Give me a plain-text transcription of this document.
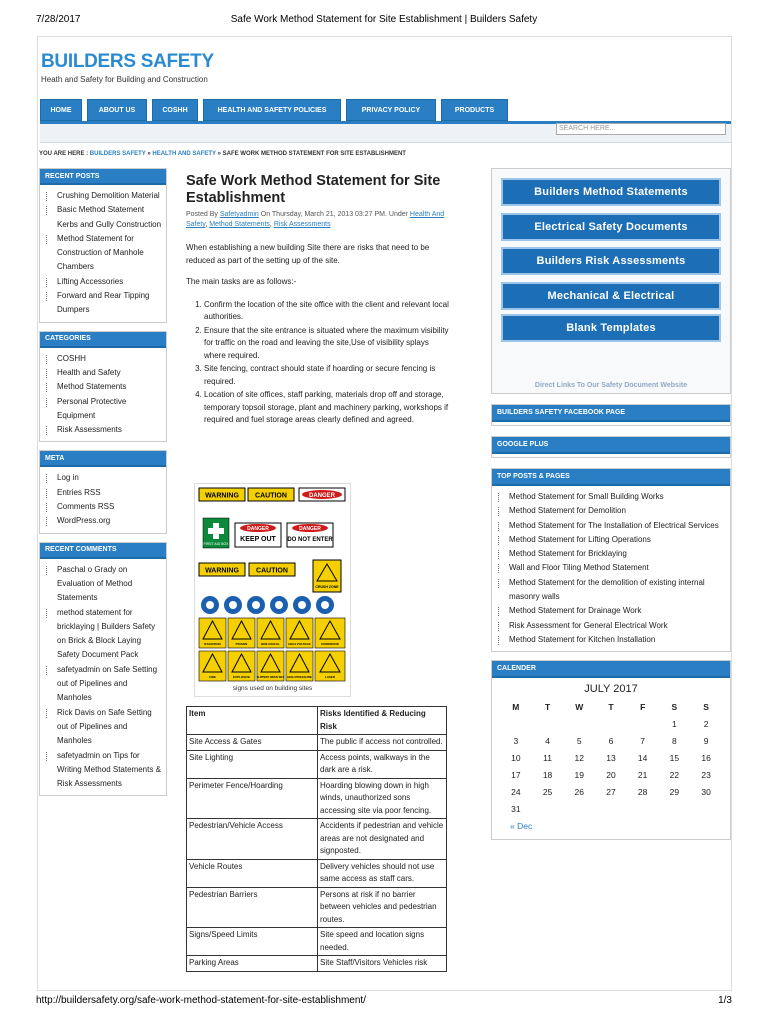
7/28/2017	Safe Work Method Statement for Site Establishment | Builders Safety
BUILDERS SAFETY
Heath and Safety for Building and Construction
HOME	ABOUT US	COSHH	HEALTH AND SAFETY POLICIES	PRIVACY POLICY	PRODUCTS
SEARCH HERE...
YOU ARE HERE : BUILDERS SAFETY » HEALTH AND SAFETY » SAFE WORK METHOD STATEMENT FOR SITE ESTABLISHMENT
RECENT POSTS
Crushing Demolition Material
Basic Method Statement Kerbs and Gully Construction
Method Statement for Construction of Manhole Chambers
Lifting Accessories
Forward and Rear Tipping Dumpers
CATEGORIES
COSHH
Health and Safety
Method Statements
Personal Protective Equipment
Risk Assessments
META
Log in
Entries RSS
Comments RSS
WordPress.org
RECENT COMMENTS
Paschal o Grady on Evaluation of Method Statements
method statement for bricklaying | Builders Safety on Brick & Block Laying Safety Document Pack
safetyadmin on Safe Setting out of Pipelines and Manholes
Rick Davis on Safe Setting out of Pipelines and Manholes
safetyadmin on Tips for Writing Method Statements & Risk Assessments
Safe Work Method Statement for Site Establishment
Posted By Safetyadmin On Thursday, March 21, 2013 03:27 PM. Under Health And Safety, Method Statements, Risk Assessments
When establishing a new building Site there are risks that need to be reduced as part of the setting up of the site.
The main tasks are as follows:-
1. Confirm the location of the site office with the client and relevant local authorities.
2. Ensure that the site entrance is situated where the maximum visibility for traffic on the road and leaving the site,Use of visibility splays where required.
3. Site fencing, contract should state if hoarding or secure fencing is required.
4. Location of site offices, staff parking, materials drop off and storage, temporary topsoil storage, plant and machinery parking, workshops if required and fuel storage areas clearly defined and agreed.
WARNING CAUTION	DANGER
FIRST AID BOX
DANGER
KEEP OUT
DANGER
DO NOT ENTER
WARNING CAUTION
CRUSH ZONE
RADIATION	POISON	BIOLOGICAL	HIGH VOLTAGE	CORROSIVE
FIRE	EXPLOSIVE	SLIPPERY WHEN WET HIGH PRESSURE	LASER
signs used on building sites
Item	Risks Identified & Reducing Risk
Site Access & Gates	The public if access not controlled.
Site Lighting	Access points, walkways in the dark are a risk.
Perimeter Fence/Hoarding	Hoarding blowing down in high winds, unauthorized sons accessing site via poor fencing.
Pedestrian/Vehicle Access	Accidents if pedestrian and vehicle areas are not designated and signposted.
Vehicle Routes	Delivery vehicles should not use same access as staff cars.
Pedestrian Barriers	Persons at risk if no barrier between vehicles and pedestrian routes.
Signs/Speed Limits	Site speed and location signs needed.
Parking Areas	Site Staff/Visitors Vehicles risk
Builders Method Statements
Electrical Safety Documents
Builders Risk Assessments
Mechanical & Electrical
Blank Templates
Direct Links To Our Safety Document Website
BUILDERS SAFETY FACEBOOK PAGE
GOOGLE PLUS
TOP POSTS & PAGES
Method Statement for Small Building Works
Method Statement for Demolition
Method Statement for The Installation of Electrical Services
Method Statement for Lifting Operations
Method Statement for Bricklaying
Wall and Floor Tiling Method Statement
Method Statement for the demolition of existing internal masonry walls
Method Statement for Drainage Work
Risk Assessment for General Electrical Work
Method Statement for Kitchen Installation
CALENDER
JULY 2017
M	T	W	T	F	S	S
					1	2
3	4	5	6	7	8	9
10	11	12	13	14	15	16
17	18	19	20	21	22	23
24	25	26	27	28	29	30
31						
« Dec
http://buildersafety.org/safe-work-method-statement-for-site-establishment/	1/3
